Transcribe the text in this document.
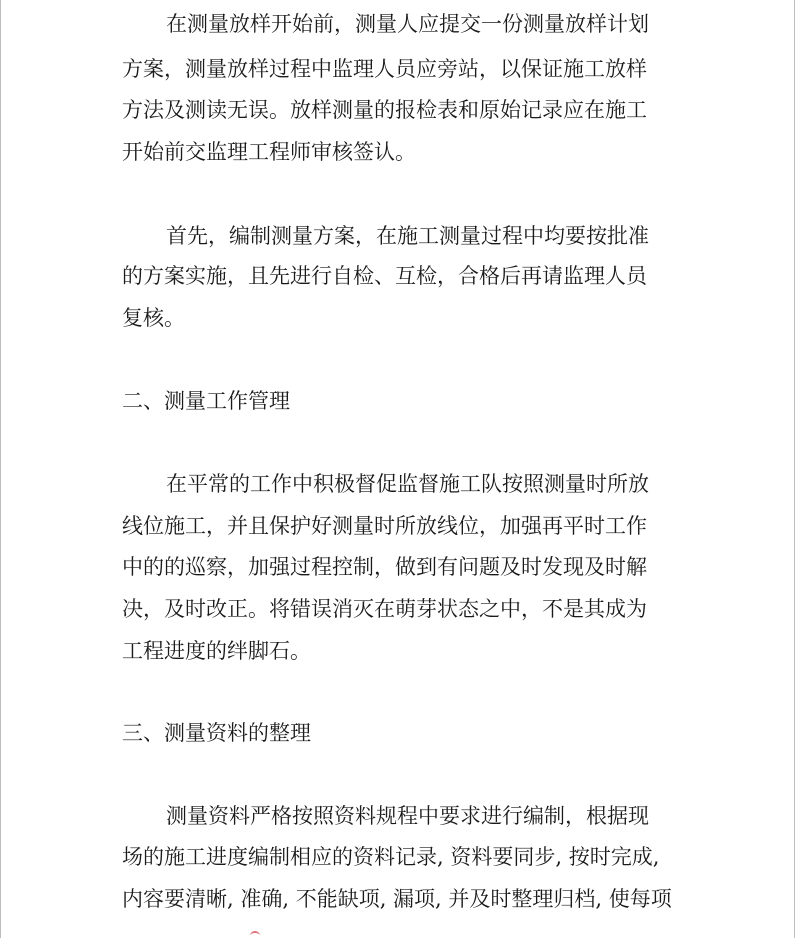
在测量放样开始前，测量人应提交一份测量放样计划
方案，测量放样过程中监理人员应旁站，以保证施工放样
方法及测读无误。放样测量的报检表和原始记录应在施工
开始前交监理工程师审核签认。
首先，编制测量方案，在施工测量过程中均要按批准
的方案实施，且先进行自检、互检，合格后再请监理人员
复核。
二、测量工作管理
在平常的工作中积极督促监督施工队按照测量时所放
线位施工，并且保护好测量时所放线位，加强再平时工作
中的的巡察，加强过程控制，做到有问题及时发现及时解
决，及时改正。将错误消灭在萌芽状态之中，不是其成为
工程进度的绊脚石。
三、测量资料的整理
测量资料严格按照资料规程中要求进行编制，根据现
场的施工进度编制相应的资料记录, 资料要同步, 按时完成,
内容要清晰, 准确, 不能缺项, 漏项, 并及时整理归档, 使每项
